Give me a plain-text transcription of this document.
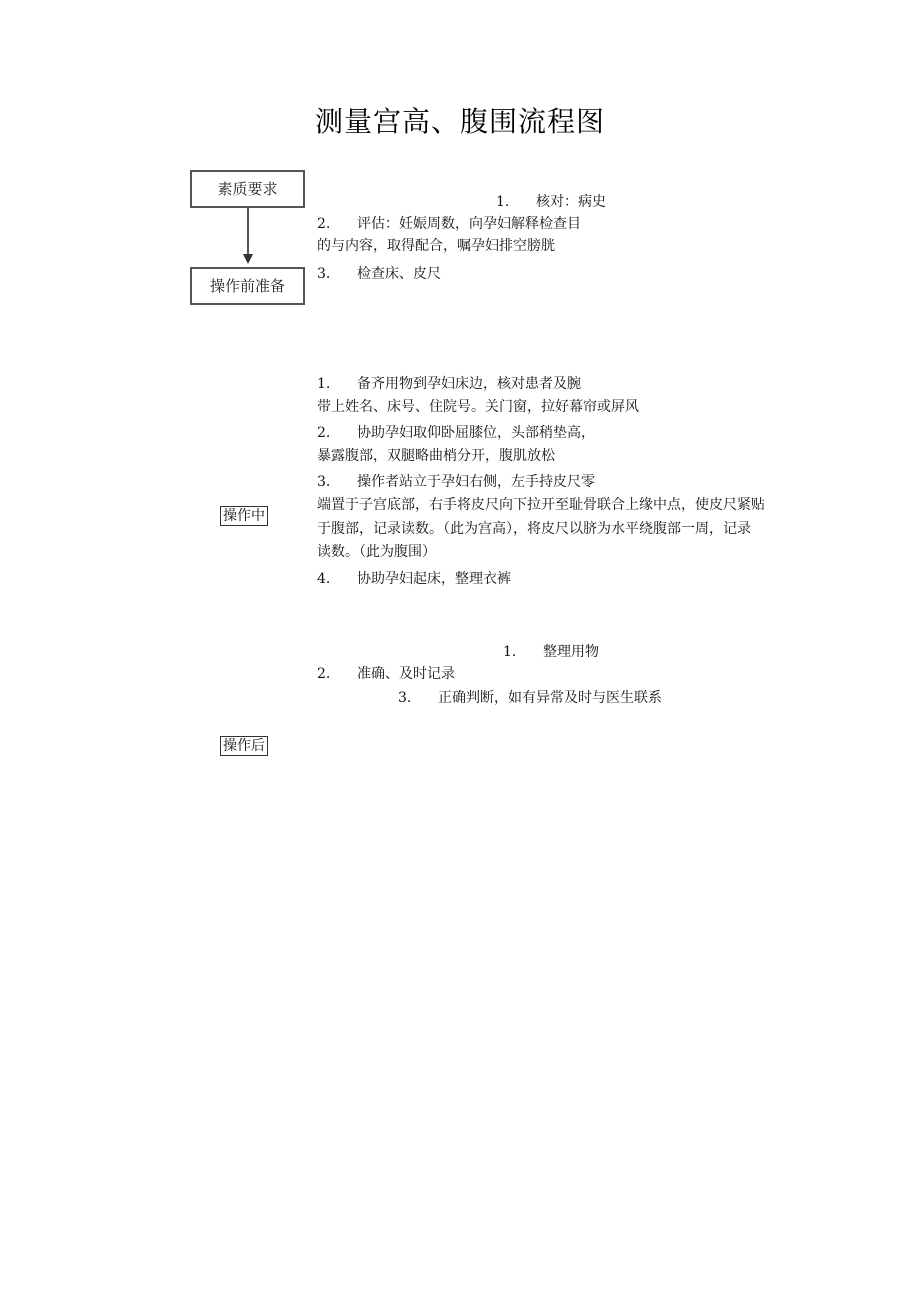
测量宫高、腹围流程图
素质要求
操作前准备
1. 核对：病史
2. 评估：妊娠周数，向孕妇解释检查目
的与内容，取得配合，嘱孕妇排空膀胱
3. 检查床、皮尺
操作中
1. 备齐用物到孕妇床边，核对患者及腕
带上姓名、床号、住院号。关门窗，拉好幕帘或屏风
2. 协助孕妇取仰卧屈膝位，头部稍垫高，
暴露腹部，双腿略曲梢分开，腹肌放松
3. 操作者站立于孕妇右侧，左手持皮尺零
端置于子宫底部，右手将皮尺向下拉开至耻骨联合上缘中点，使皮尺紧贴
于腹部，记录读数。（此为宫高），将皮尺以脐为水平绕腹部一周，记录
读数。（此为腹围）
4. 协助孕妇起床，整理衣裤
1. 整理用物
2. 准确、及时记录
3. 正确判断，如有异常及时与医生联系
操作后
